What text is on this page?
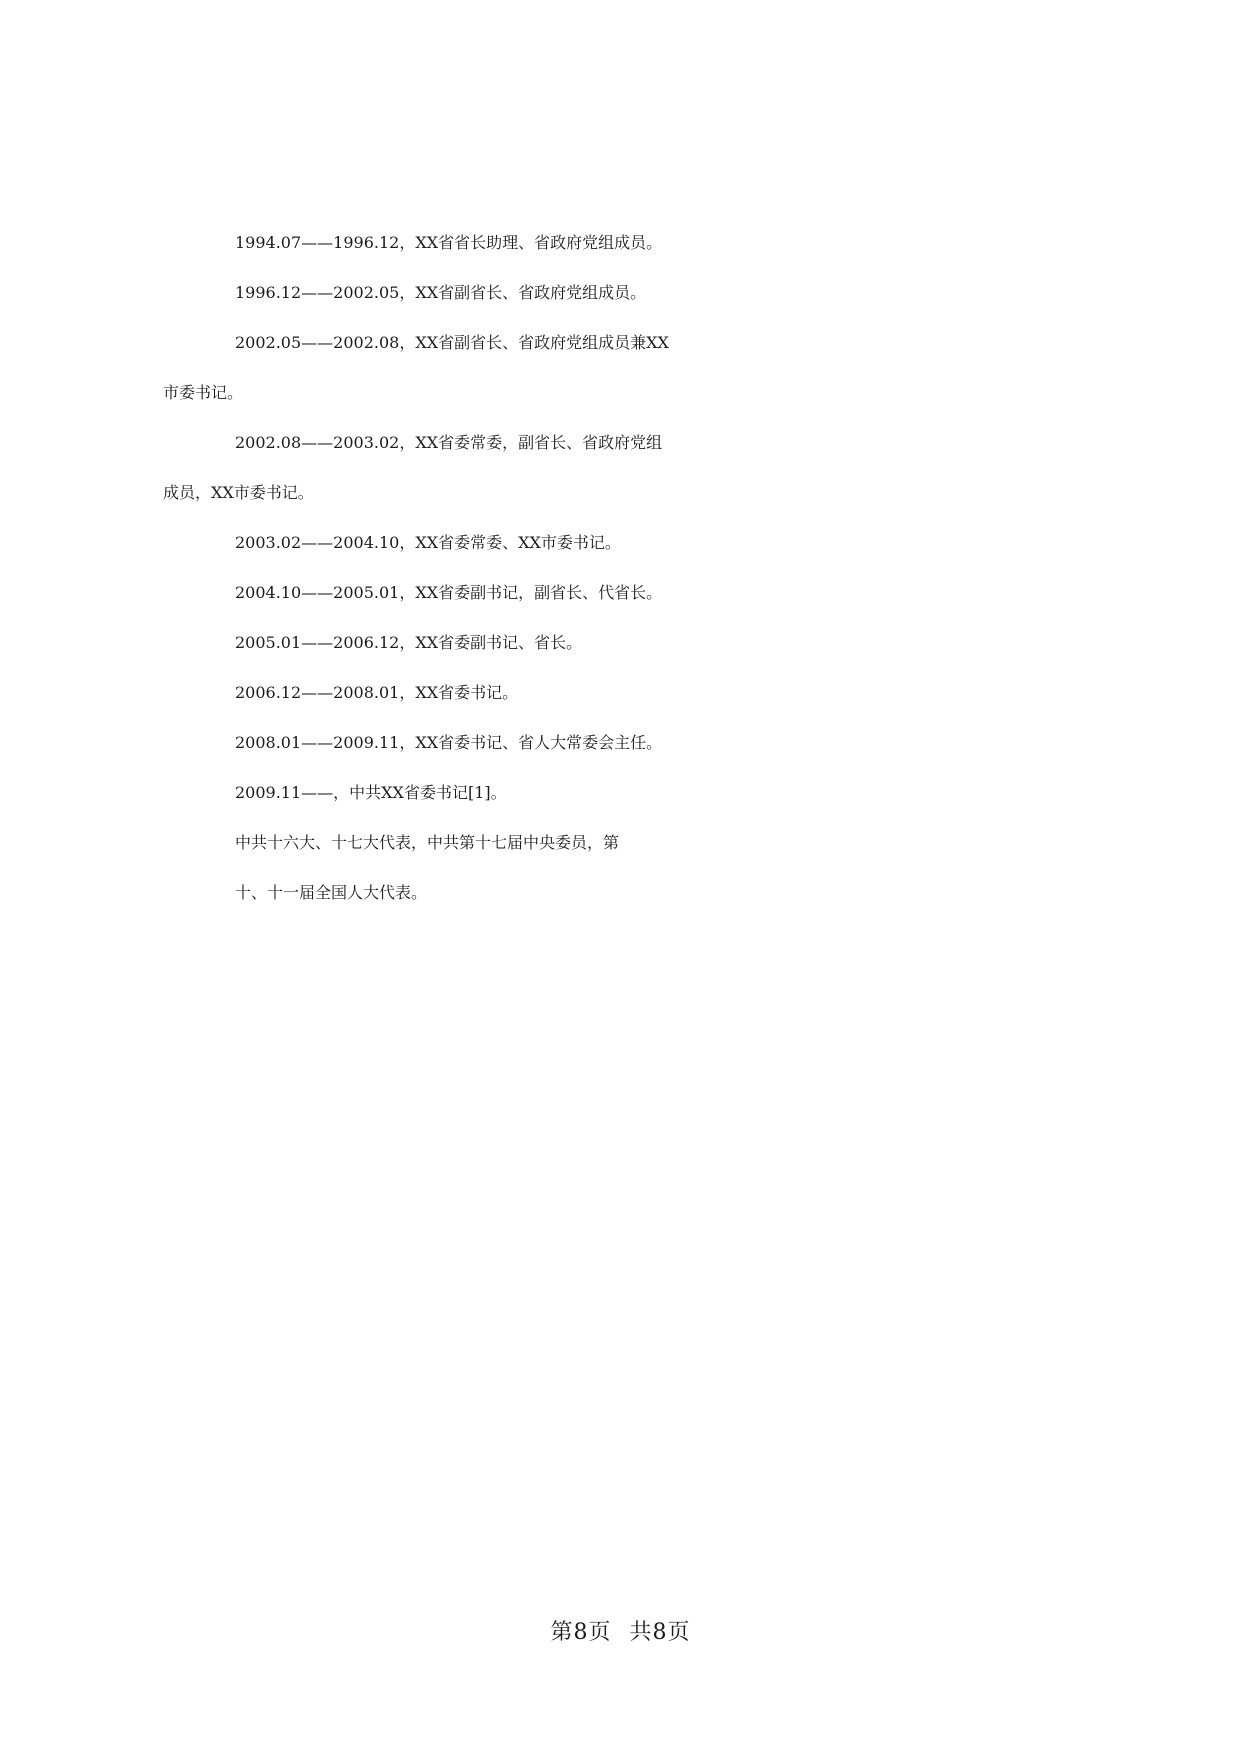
1994.07——1996.12，XX省省长助理、省政府党组成员。
1996.12——2002.05，XX省副省长、省政府党组成员。
2002.05——2002.08，XX省副省长、省政府党组成员兼XX
市委书记。
2002.08——2003.02，XX省委常委，副省长、省政府党组
成员，XX市委书记。
2003.02——2004.10，XX省委常委、XX市委书记。
2004.10——2005.01，XX省委副书记，副省长、代省长。
2005.01——2006.12，XX省委副书记、省长。
2006.12——2008.01，XX省委书记。
2008.01——2009.11，XX省委书记、省人大常委会主任。
2009.11——，中共XX省委书记[1]。
中共十六大、十七大代表，中共第十七届中央委员，第
十、十一届全国人大代表。
第8页 共8页
